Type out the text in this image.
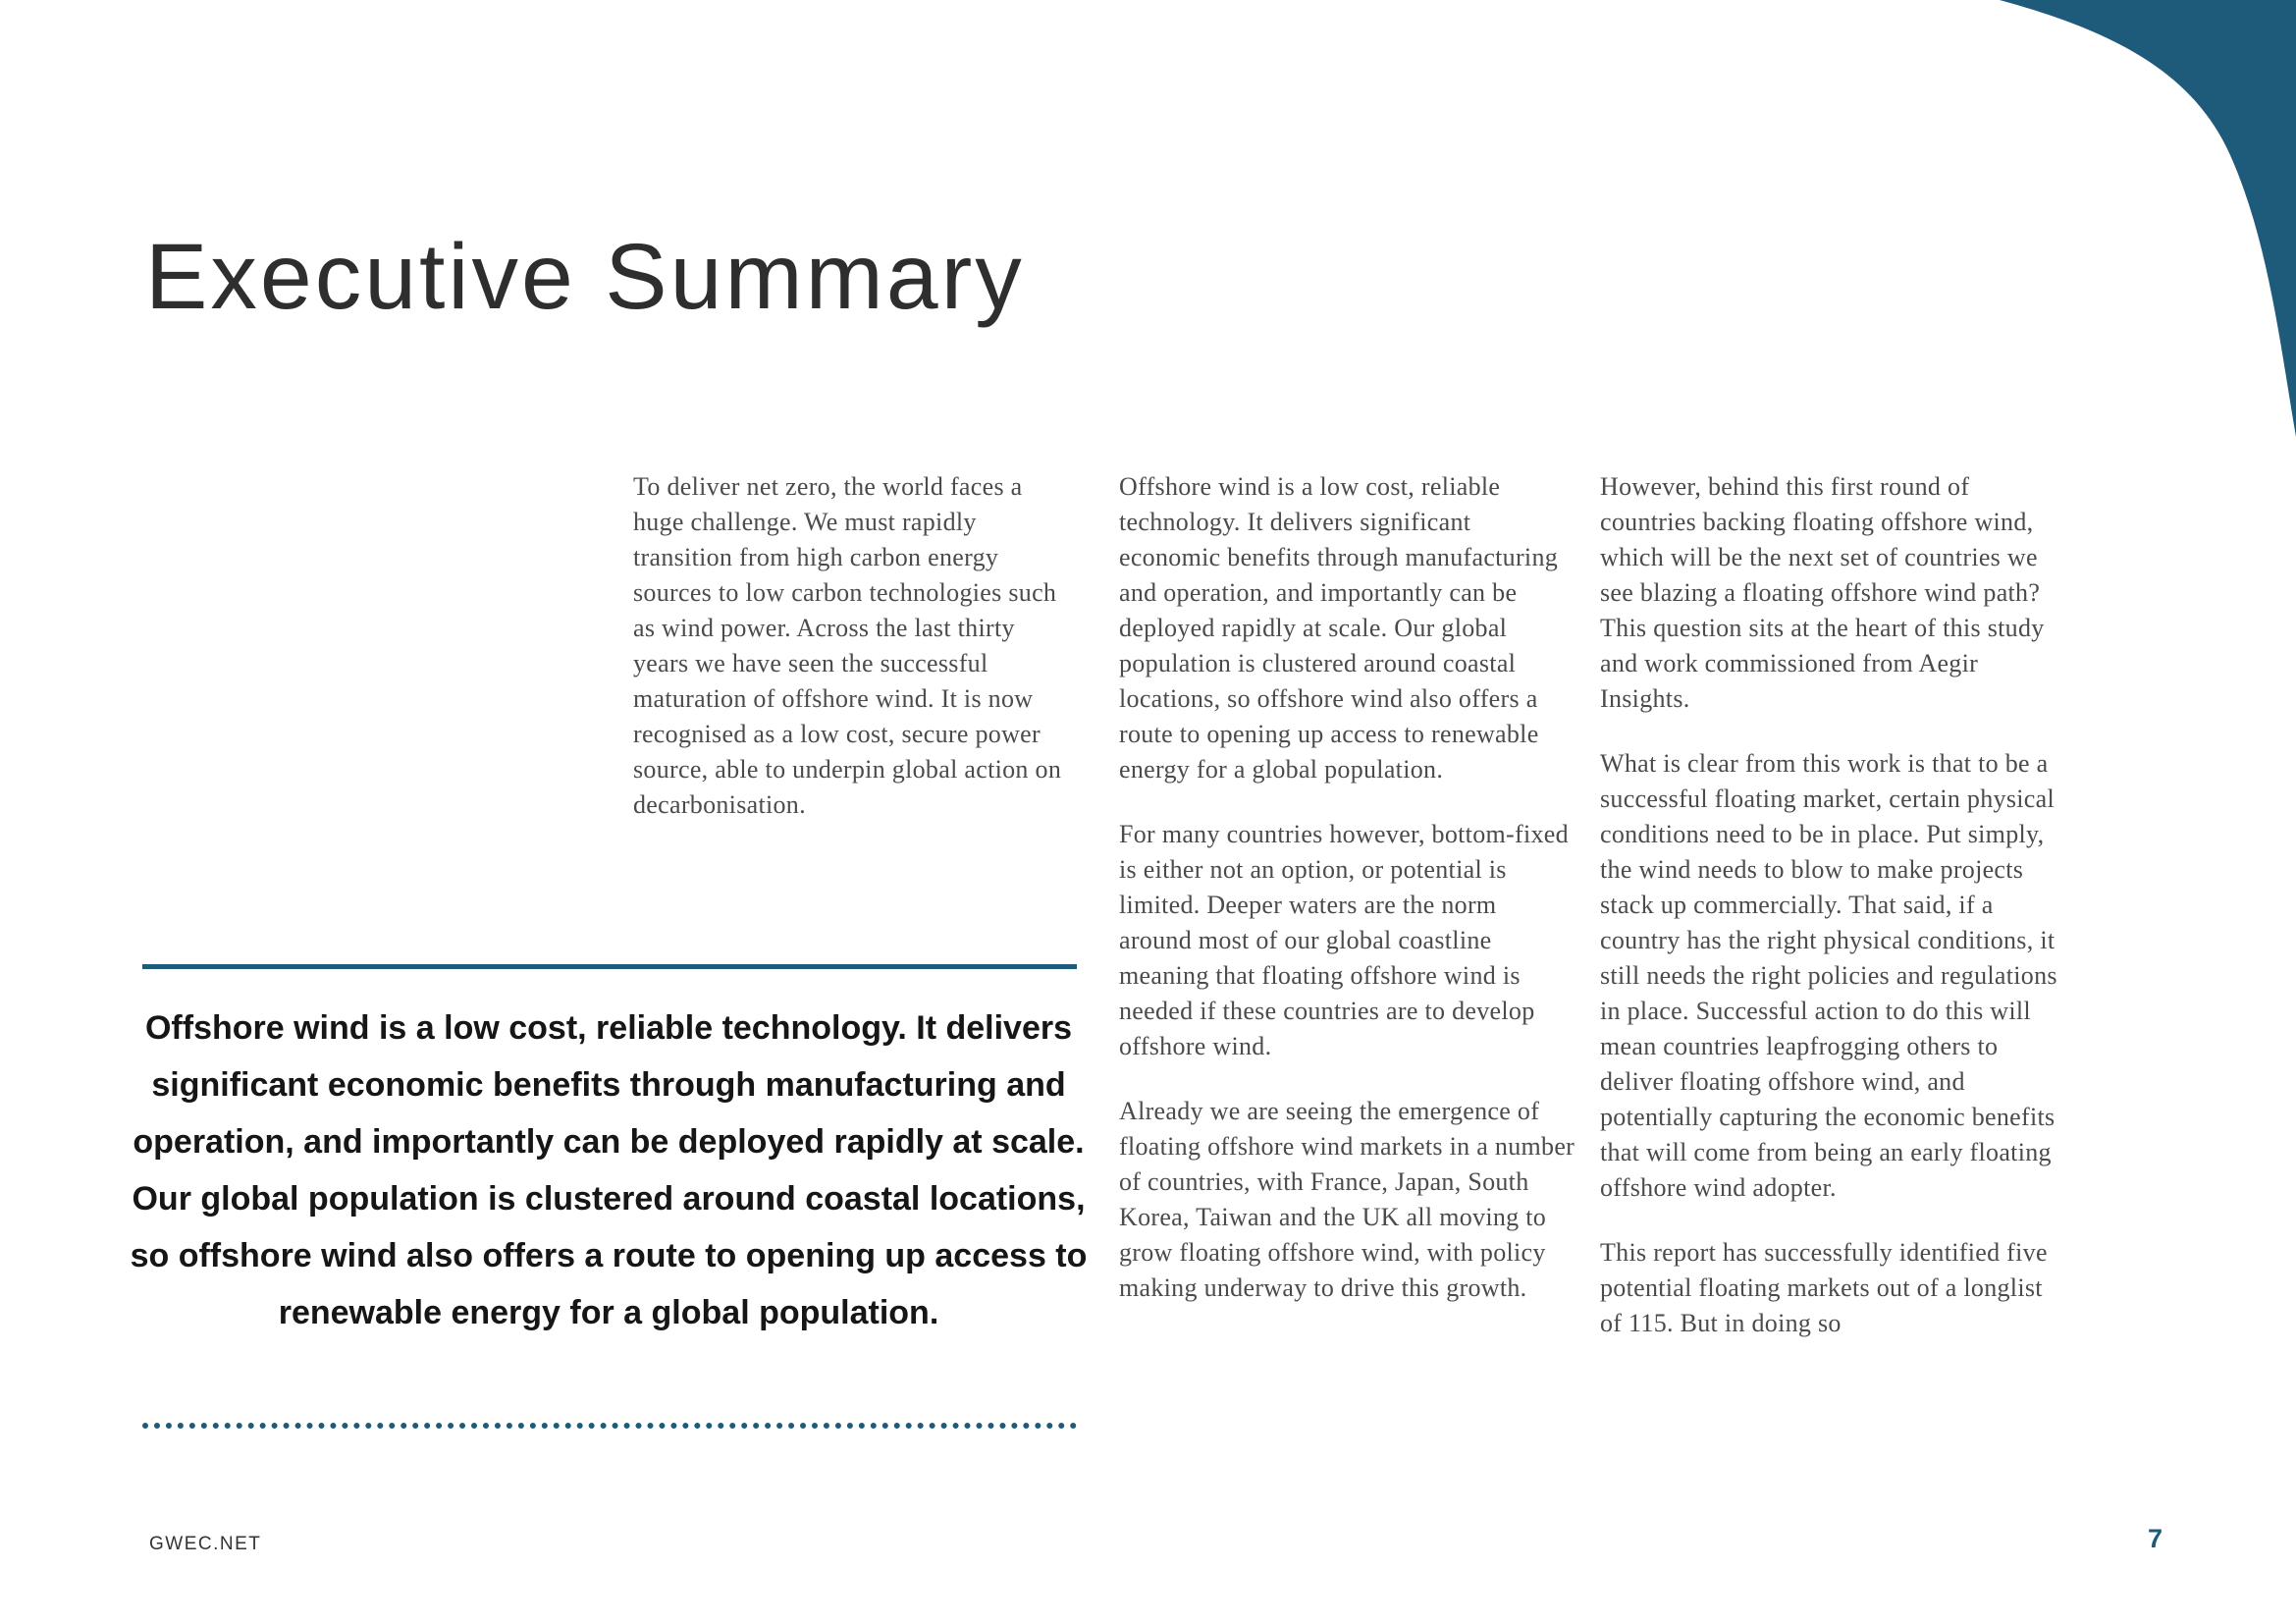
Executive Summary

To deliver net zero, the world faces a huge challenge. We must rapidly transition from high carbon energy sources to low carbon technologies such as wind power. Across the last thirty years we have seen the successful maturation of offshore wind. It is now recognised as a low cost, secure power source, able to underpin global action on decarbonisation.

Offshore wind is a low cost, reliable technology. It delivers significant economic benefits through manufacturing and operation, and importantly can be deployed rapidly at scale. Our global population is clustered around coastal locations, so offshore wind also offers a route to opening up access to renewable energy for a global population.

For many countries however, bottom-fixed is either not an option, or potential is limited. Deeper waters are the norm around most of our global coastline meaning that floating offshore wind is needed if these countries are to develop offshore wind.

Already we are seeing the emergence of floating offshore wind markets in a number of countries, with France, Japan, South Korea, Taiwan and the UK all moving to grow floating offshore wind, with policy making underway to drive this growth.

However, behind this first round of countries backing floating offshore wind, which will be the next set of countries we see blazing a floating offshore wind path? This question sits at the heart of this study and work commissioned from Aegir Insights.

What is clear from this work is that to be a successful floating market, certain physical conditions need to be in place. Put simply, the wind needs to blow to make projects stack up commercially. That said, if a country has the right physical conditions, it still needs the right policies and regulations in place. Successful action to do this will mean countries leapfrogging others to deliver floating offshore wind, and potentially capturing the economic benefits that will come from being an early floating offshore wind adopter.

This report has successfully identified five potential floating markets out of a longlist of 115. But in doing so

Offshore wind is a low cost, reliable technology. It delivers significant economic benefits through manufacturing and operation, and importantly can be deployed rapidly at scale. Our global population is clustered around coastal locations, so offshore wind also offers a route to opening up access to renewable energy for a global population.
GWEC.NET	7
